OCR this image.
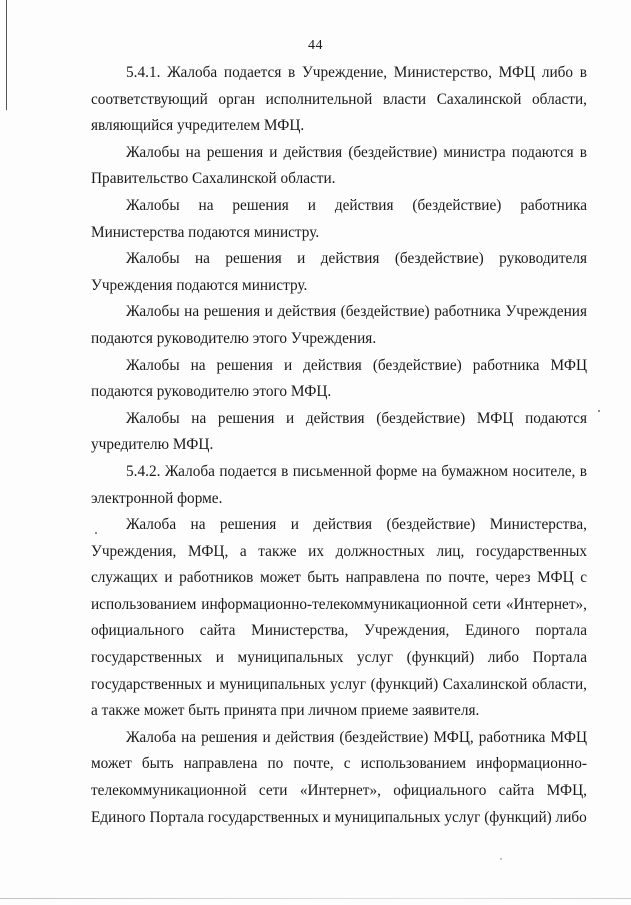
44

5.4.1. Жалоба подается в Учреждение, Министерство, МФЦ либо в соответствующий орган исполнительной власти Сахалинской области, являющийся учредителем МФЦ.

Жалобы на решения и действия (бездействие) министра подаются в Правительство Сахалинской области.

Жалобы на решения и действия (бездействие) работника Министерства подаются министру.

Жалобы на решения и действия (бездействие) руководителя Учреждения подаются министру.

Жалобы на решения и действия (бездействие) работника Учреждения подаются руководителю этого Учреждения.

Жалобы на решения и действия (бездействие) работника МФЦ подаются руководителю этого МФЦ.

Жалобы на решения и действия (бездействие) МФЦ подаются учредителю МФЦ.

5.4.2. Жалоба подается в письменной форме на бумажном носителе, в электронной форме.

Жалоба на решения и действия (бездействие) Министерства, Учреждения, МФЦ, а также их должностных лиц, государственных служащих и работников может быть направлена по почте, через МФЦ с использованием информационно-телекоммуникационной сети «Интернет», официального сайта Министерства, Учреждения, Единого портала государственных и муниципальных услуг (функций) либо Портала государственных и муниципальных услуг (функций) Сахалинской области, а также может быть принята при личном приеме заявителя.

Жалоба на решения и действия (бездействие) МФЦ, работника МФЦ может быть направлена по почте, с использованием информационно-телекоммуникационной сети «Интернет», официального сайта МФЦ, Единого Портала государственных и муниципальных услуг (функций) либо
